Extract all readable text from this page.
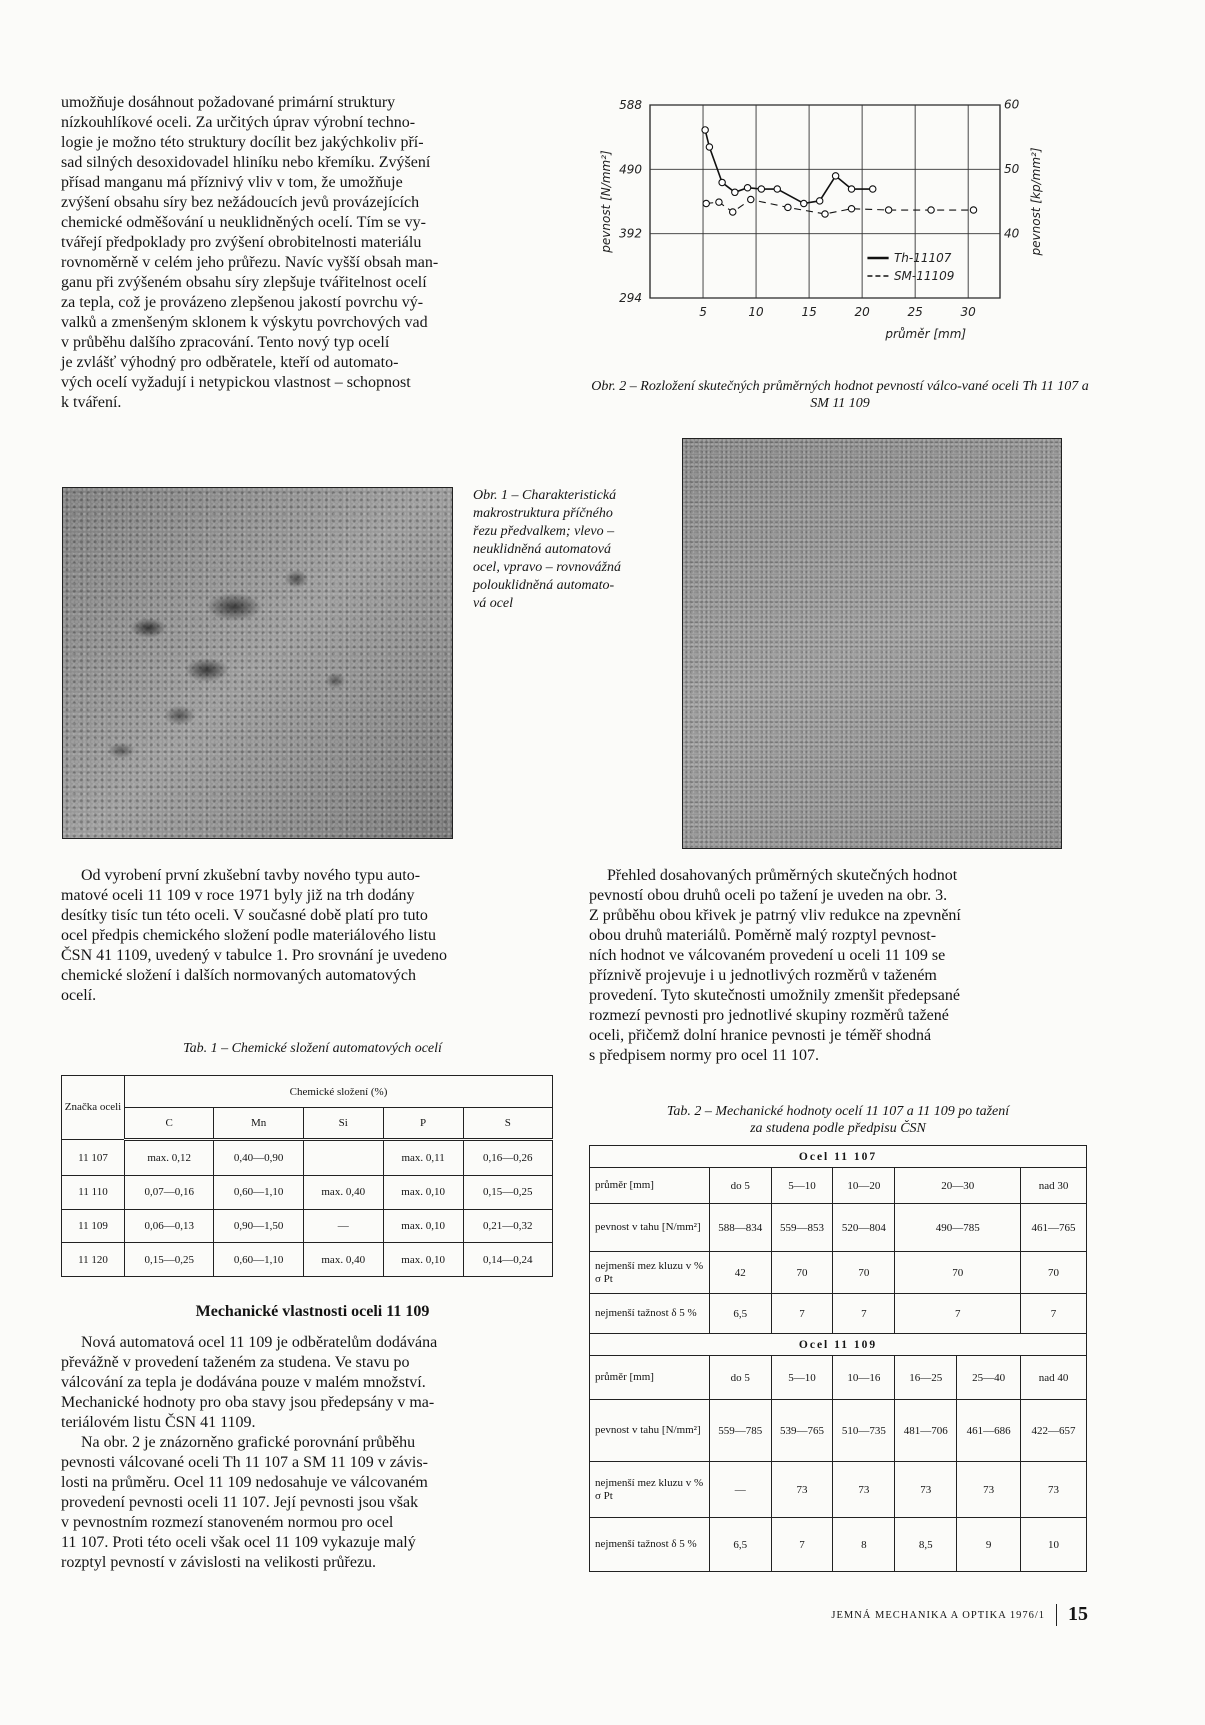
umožňuje dosáhnout požadované primární struktury
nízkouhlíkové oceli. Za určitých úprav výrobní techno-
logie je možno této struktury docílit bez jakýchkoliv pří-
sad silných desoxidovadel hliníku nebo křemíku. Zvýšení
přísad manganu má příznivý vliv v tom, že umožňuje
zvýšení obsahu síry bez nežádoucích jevů provázejících
chemické odměšování u neuklidněných ocelí. Tím se vy-
tvářejí předpoklady pro zvýšení obrobitelnosti materiálu
rovnoměrně v celém jeho průřezu. Navíc vyšší obsah man-
ganu při zvýšeném obsahu síry zlepšuje tvářitelnost ocelí
za tepla, což je provázeno zlepšenou jakostí povrchu vý-
valků a zmenšeným sklonem k výskytu povrchových vad
v průběhu dalšího zpracování. Tento nový typ ocelí
je zvlášť výhodný pro odběratele, kteří od automato-
vých ocelí vyžadují i netypickou vlastnost – schopnost
k tváření.

5	10	15	20	25	30
294
392
490
588
40
50
60
pevnost [N/mm²]	pevnost [kp/mm²]
průměr [mm]
Th-11107
SM-11109
Obr. 2 – Rozložení skutečných průměrných hodnot pevností válco-vané oceli Th 11 107 a SM 11 109
Obr. 1 – Charakteristická
makrostruktura příčného
řezu předvalkem; vlevo –
neuklidněná automatová
ocel, vpravo – rovnovážná
polouklidněná automato-
vá ocel

Od vyrobení první zkušební tavby nového typu auto-
matové oceli 11 109 v roce 1971 byly již na trh dodány
desítky tisíc tun této oceli. V současné době platí pro tuto
ocel předpis chemického složení podle materiálového listu
ČSN 41 1109, uvedený v tabulce 1. Pro srovnání je uvedeno
chemické složení i dalších normovaných automatových
ocelí.

Tab. 1 – Chemické složení automatových ocelí
Značka oceli	Chemické složení (%)				
	C	Mn	Si	P	S
11 107	max. 0,12	0,40—0,90		max. 0,11	0,16—0,26
11 110	0,07—0,16	0,60—1,10	max. 0,40	max. 0,10	0,15—0,25
11 109	0,06—0,13	0,90—1,50	—	max. 0,10	0,21—0,32
11 120	0,15—0,25	0,60—1,10	max. 0,40	max. 0,10	0,14—0,24
Mechanické vlastnosti oceli 11 109

Nová automatová ocel 11 109 je odběratelům dodávána
převážně v provedení taženém za studena. Ve stavu po
válcování za tepla je dodávána pouze v malém množství.
Mechanické hodnoty pro oba stavy jsou předepsány v ma-
teriálovém listu ČSN 41 1109.
Na obr. 2 je znázorněno grafické porovnání průběhu
pevnosti válcované oceli Th 11 107 a SM 11 109 v závis-
losti na průměru. Ocel 11 109 nedosahuje ve válcovaném
provedení pevnosti oceli 11 107. Její pevnosti jsou však
v pevnostním rozmezí stanoveném normou pro ocel
11 107. Proti této oceli však ocel 11 109 vykazuje malý
rozptyl pevností v závislosti na velikosti průřezu.

Přehled dosahovaných průměrných skutečných hodnot
pevností obou druhů oceli po tažení je uveden na obr. 3.
Z průběhu obou křivek je patrný vliv redukce na zpevnění
obou druhů materiálů. Poměrně malý rozptyl pevnost-
ních hodnot ve válcovaném provedení u oceli 11 109 se
příznivě projevuje i u jednotlivých rozměrů v taženém
provedení. Tyto skutečnosti umožnily zmenšit předepsané
rozmezí pevnosti pro jednotlivé skupiny rozměrů tažené
oceli, přičemž dolní hranice pevnosti je téměř shodná
s předpisem normy pro ocel 11 107.

Tab. 2 – Mechanické hodnoty ocelí 11 107 a 11 109 po tažení
za studena podle předpisu ČSN
Ocel 11 107						
průměr [mm]	do 5	5—10	10—20	20—30		nad 30
pevnost v tahu [N/mm²]	588—834	559—853	520—804	490—785		461—765
nejmenší mez kluzu v % σ Pt	42	70	70	70		70
nejmenší tažnost δ 5 %	6,5	7	7	7		7
Ocel 11 109						
průměr [mm]	do 5	5—10	10—16	16—25	25—40	nad 40
pevnost v tahu [N/mm²]	559—785	539—765	510—735	481—706	461—686	422—657
nejmenší mez kluzu v % σ Pt	—	73	73	73	73	73
nejmenší tažnost δ 5 %	6,5	7	8	8,5	9	10
JEMNÁ MECHANIKA A OPTIKA 1976/1 15
